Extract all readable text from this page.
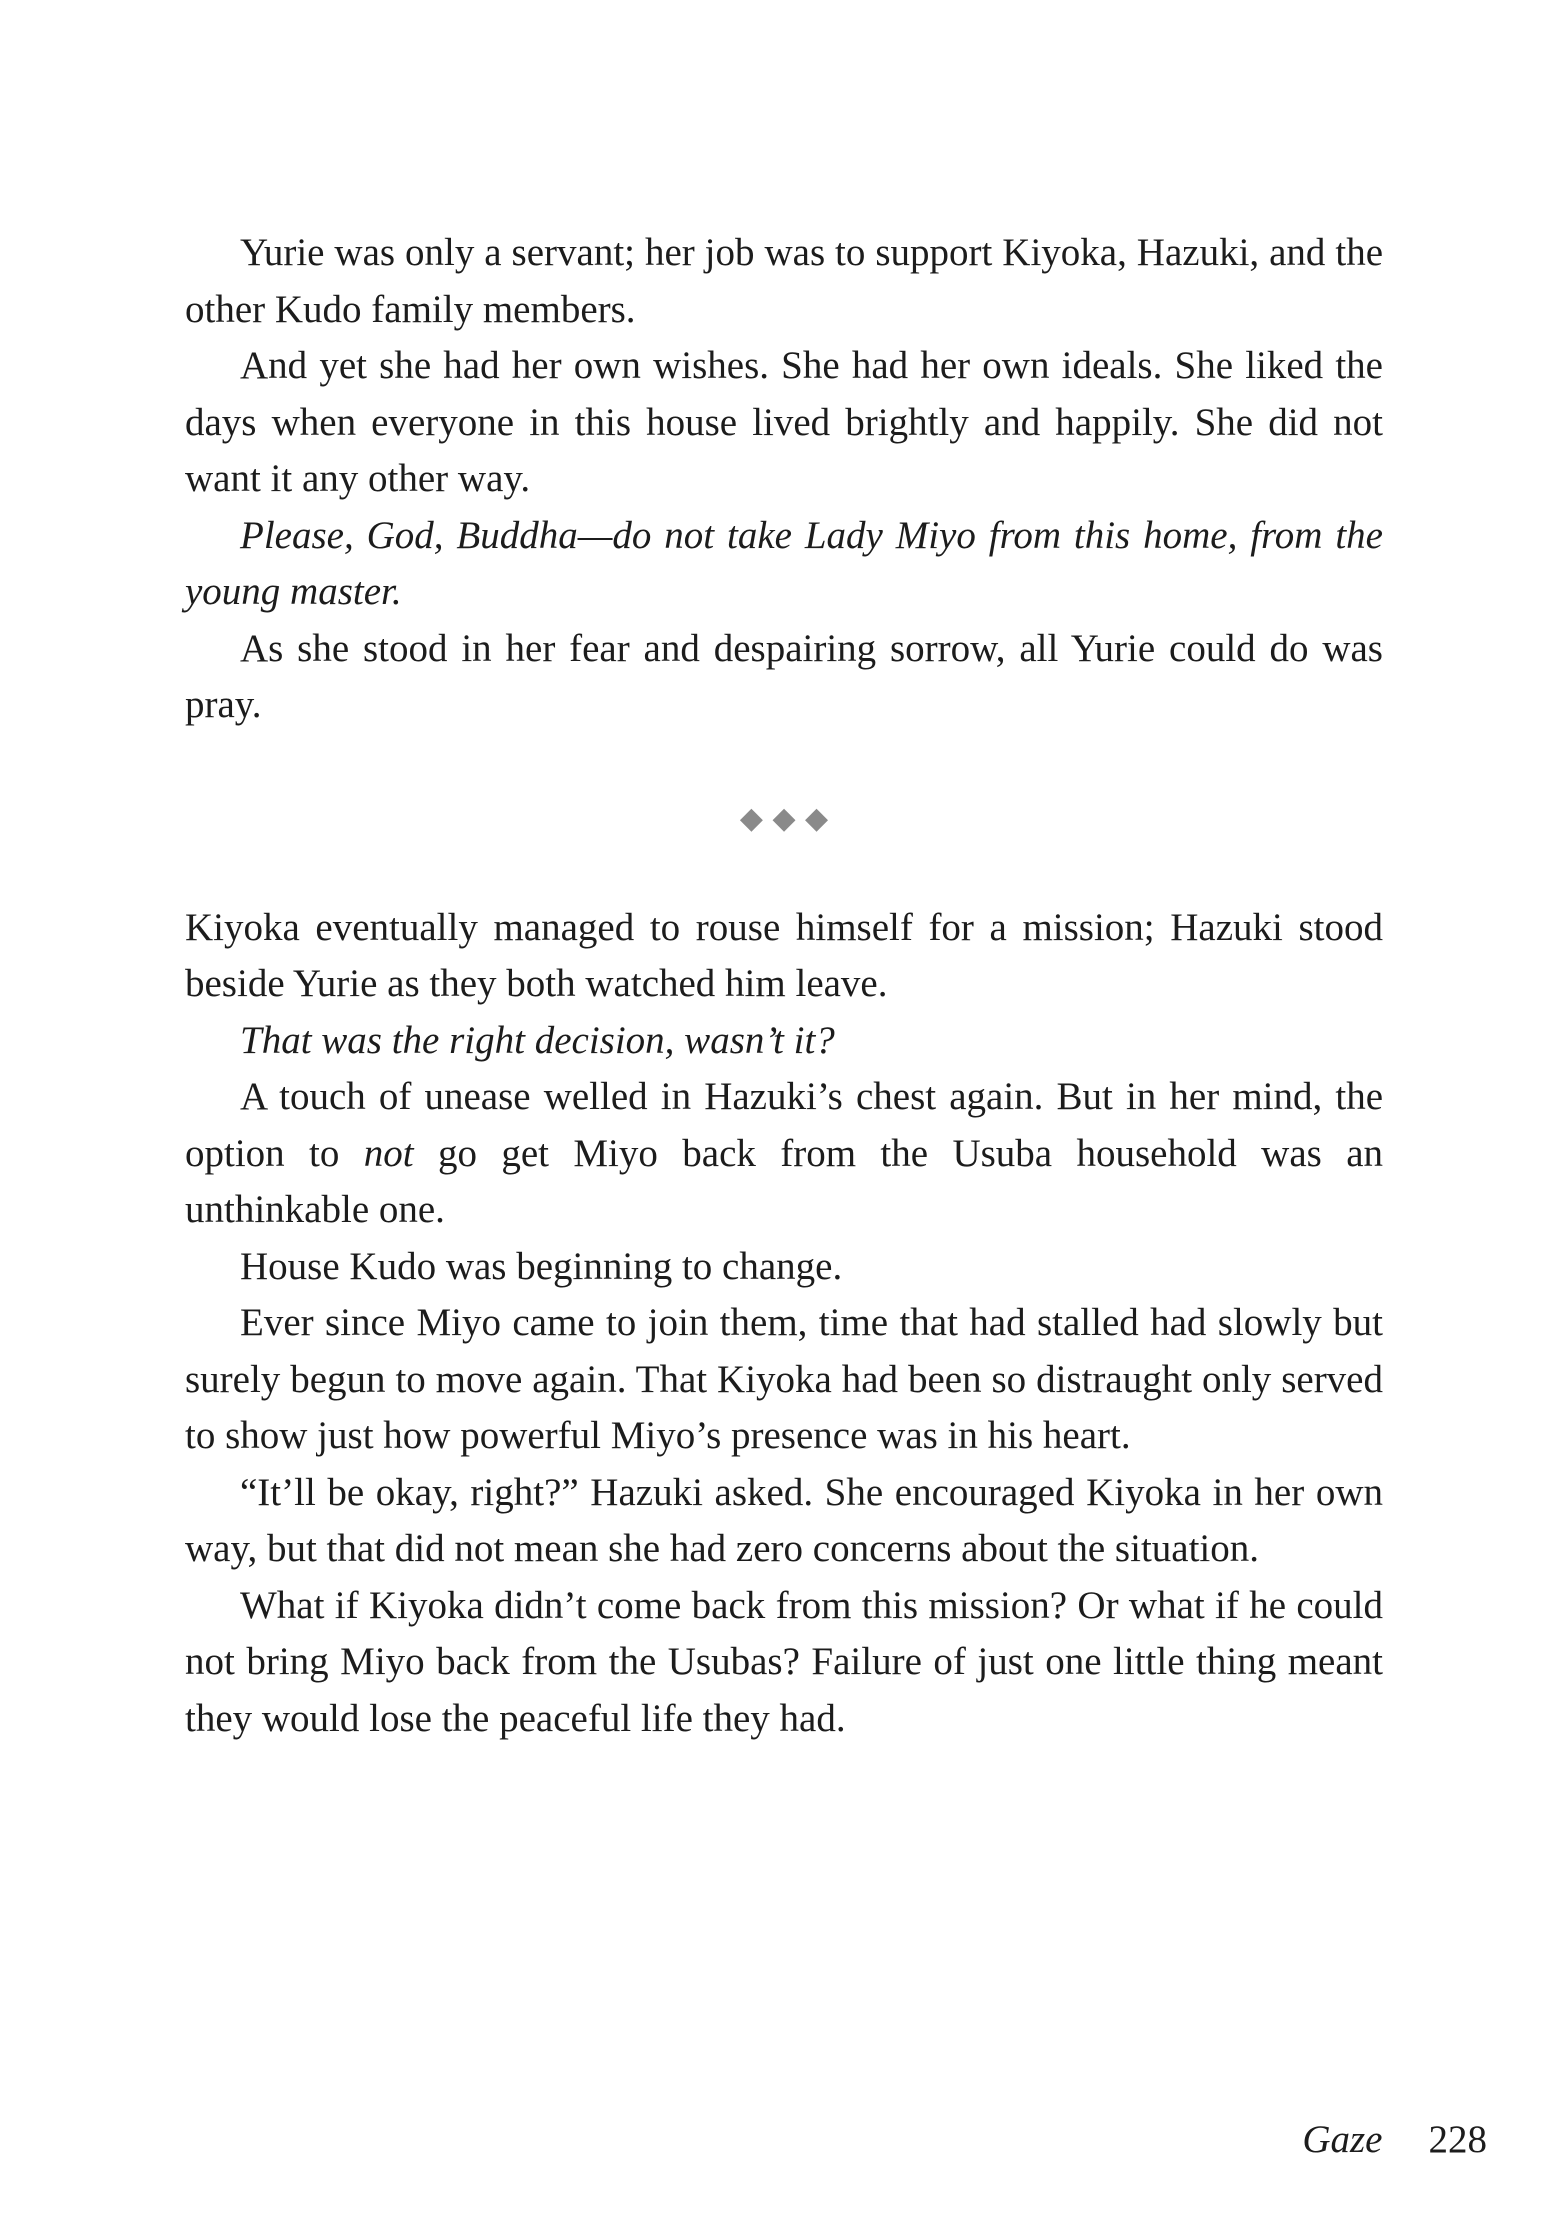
Yurie was only a servant; her job was to support Kiyoka, Hazuki, and the other Kudo family members.

And yet she had her own wishes. She had her own ideals. She liked the days when everyone in this house lived brightly and happily. She did not want it any other way.

Please, God, Buddha—do not take Lady Miyo from this home, from the young master.

As she stood in her fear and despairing sorrow, all Yurie could do was pray.

◆ ◆ ◆

Kiyoka eventually managed to rouse himself for a mission; Hazuki stood beside Yurie as they both watched him leave.

That was the right decision, wasn’t it?

A touch of unease welled in Hazuki’s chest again. But in her mind, the option to not go get Miyo back from the Usuba household was an unthinkable one.

House Kudo was beginning to change.

Ever since Miyo came to join them, time that had stalled had slowly but surely begun to move again. That Kiyoka had been so distraught only served to show just how powerful Miyo’s presence was in his heart.

“It’ll be okay, right?” Hazuki asked. She encouraged Kiyoka in her own way, but that did not mean she had zero concerns about the situation.

What if Kiyoka didn’t come back from this mission? Or what if he could not bring Miyo back from the Usubas? Failure of just one little thing meant they would lose the peaceful life they had.

Gaze 228
